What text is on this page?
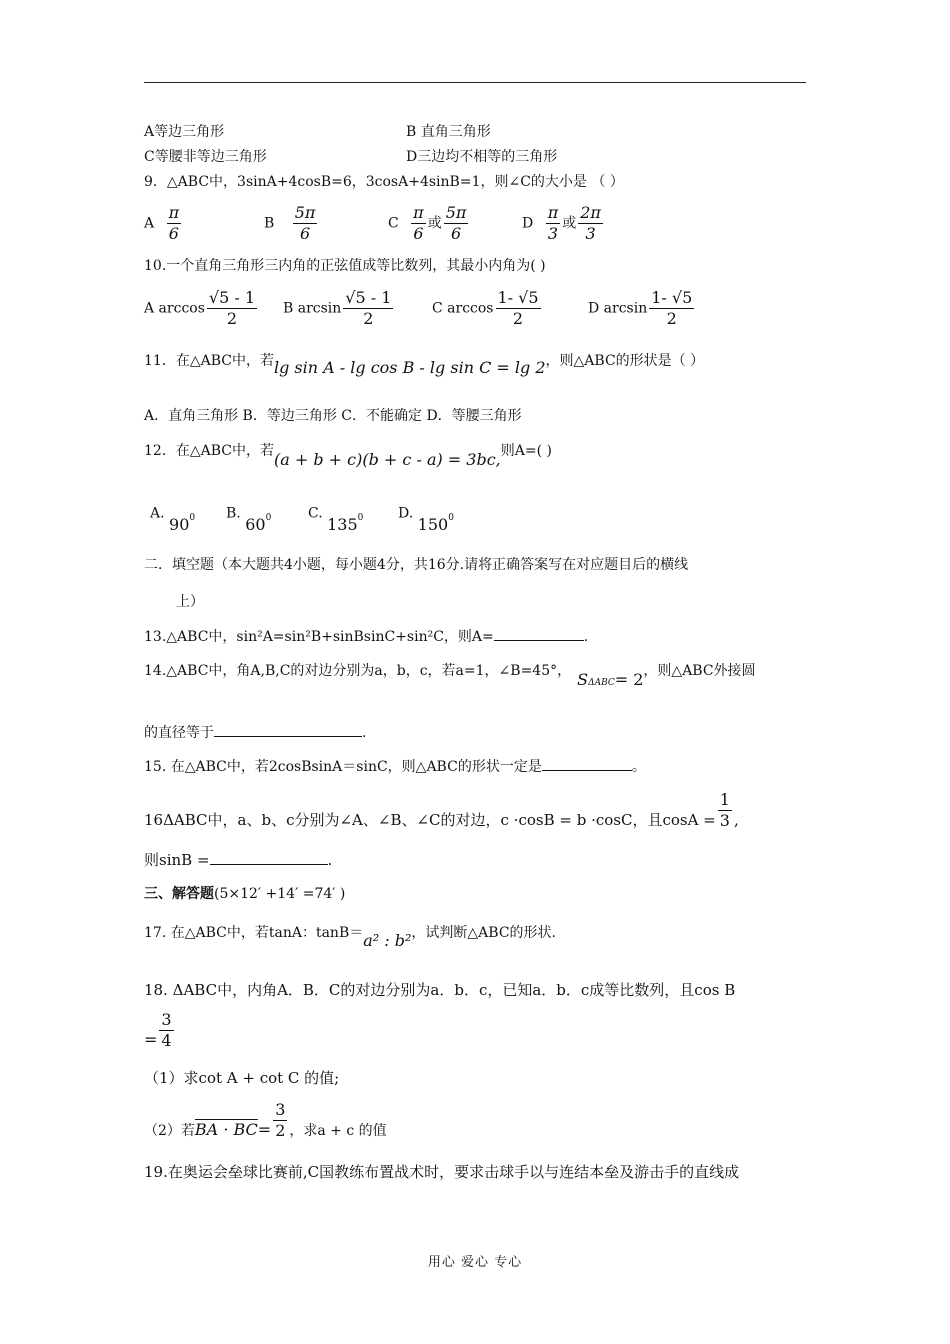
A等边三角形	B 直角三角形
C等腰非等边三角形	D三边均不相等的三角形
9．△ABC中，3sinA+4cosB=6，3cosA+4sinB=1，则∠C的大小是 （ ）
A $\frac{\pi}{6}$	B $\frac{5\pi}{6}$	C $\frac{\pi}{6}$ 或 $\frac{5\pi}{6}$	D $\frac{\pi}{3}$ 或 $\frac{2\pi}{3}$
10.一个直角三角形三内角的正弦值成等比数列，其最小内角为( )
A $\arccos \frac{√5 - 1}{2}$ B $\arcsin \frac{√5 - 1}{2}$	C $\arccos \frac{1- √5}{2}$	D $\arcsin \frac{1- √5}{2}$
11．在△ABC中，若lg sin A - lg cos B - lg sin C = lg 2，则△ABC的形状是（ ）
A．直角三角形 B．等边三角形 C．不能确定 D．等腰三角形
12．在△ABC中，若(a + b + c)(b + c - a) = 3bc,则A=( )
A. $90^0$ B. $60^0$	C. $135^0$ D. $150^0$
二．填空题（本大题共4小题，每小题4分，共16分.请将正确答案写在对应题目后的横线
上）
13.△ABC中，sin²A=sin²B+sinBsinC+sin²C，则A=	.
14.△ABC中，角A,B,C的对边分别为a，b，c，若a=1，∠B=45°， SΔABC= 2，则△ABC外接圆
的直径等于	.
15. 在△ABC中，若2cosBsinA＝sinC，则△ABC的形状一定是	。
16ΔABC中，a、b、c分别为∠A、∠B、∠C的对边，c ·cosB = b ·cosC，且$\cos A = \frac{1}{3}$ ,
则sinB =	.
三、解答题(5×12′ +14′ =74′ )
17. 在△ABC中，若tanA：tanB＝a² : b²，试判断△ABC的形状.
18. ΔABC中，内角A．B．C的对边分别为a．b．c，已知a．b．c成等比数列，且cos B
= $\frac{3}{4}$
（1）求cot A + cot C 的值;
（2）若BA · $BC= \frac{3}{2}$ ，求a + c 的值
19.在奥运会垒球比赛前,C国教练布置战术时，要求击球手以与连结本垒及游击手的直线成
用心 爱心 专心
